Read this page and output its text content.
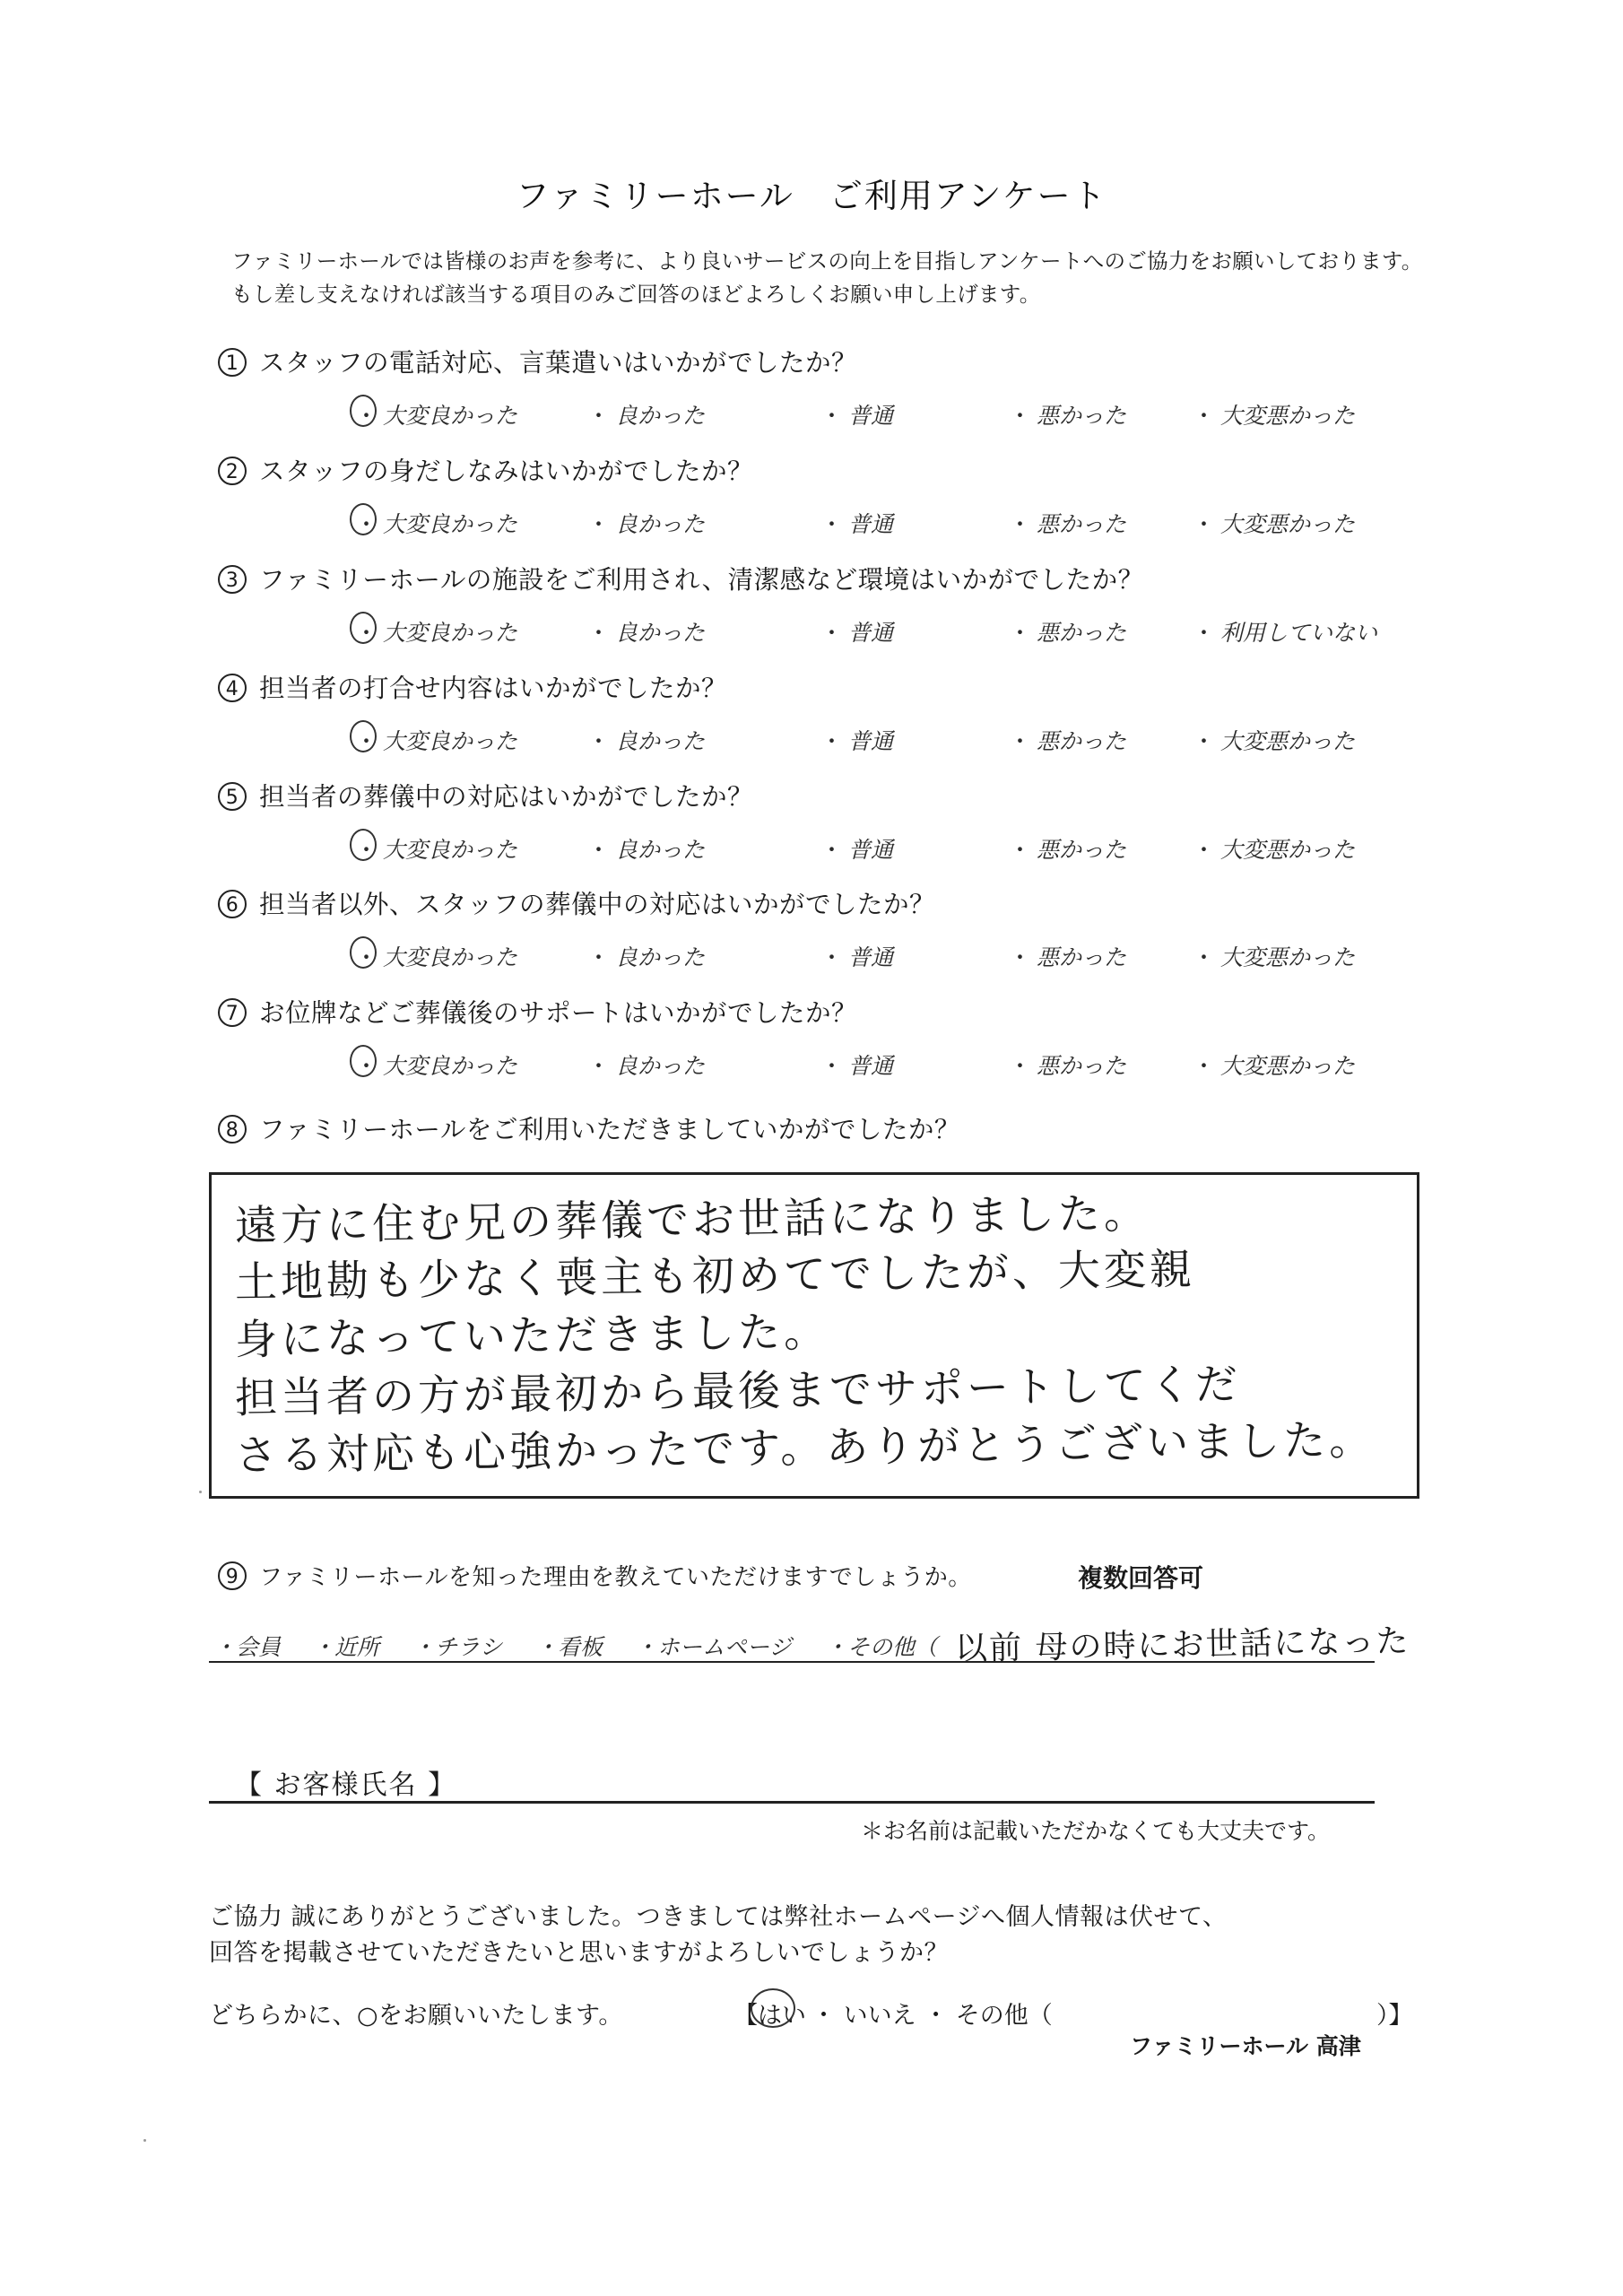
ファミリーホール　ご利用アンケート
ファミリーホールでは皆様のお声を参考に、より良いサービスの向上を目指しアンケートへのご協力をお願いしております。
もし差し支えなければ該当する項目のみご回答のほどよろしくお願い申し上げます。
1 スタッフの電話対応、言葉遣いはいかがでしたか？
・ 大変良かった	・ 良かった	・ 普通	・ 悪かった	・ 大変悪かった
2 スタッフの身だしなみはいかがでしたか？
・ 大変良かった	・ 良かった	・ 普通	・ 悪かった	・ 大変悪かった
3 ファミリーホールの施設をご利用され、清潔感など環境はいかがでしたか？
・ 大変良かった	・ 良かった	・ 普通	・ 悪かった	・ 利用していない
4 担当者の打合せ内容はいかがでしたか？
・ 大変良かった	・ 良かった	・ 普通	・ 悪かった	・ 大変悪かった
5 担当者の葬儀中の対応はいかがでしたか？
・ 大変良かった	・ 良かった	・ 普通	・ 悪かった	・ 大変悪かった
6 担当者以外、スタッフの葬儀中の対応はいかがでしたか？
・ 大変良かった	・ 良かった	・ 普通	・ 悪かった	・ 大変悪かった
7 お位牌などご葬儀後のサポートはいかがでしたか？
・ 大変良かった	・ 良かった	・ 普通	・ 悪かった	・ 大変悪かった
8 ファミリーホールをご利用いただきましていかがでしたか？
遠方に住む兄の葬儀でお世話になりました。
土地勘も少なく喪主も初めてでしたが、大変親
身になっていただきました。
担当者の方が最初から最後までサポートしてくだ
さる対応も心強かったです。ありがとうございました。
9 ファミリーホールを知った理由を教えていただけますでしょうか。	複数回答可
・会員 ・近所 ・チラシ ・看板 ・ホームページ ・その他（ 以前 母の時にお世話になった
【 お客様氏名 】
＊お名前は記載いただかなくても大丈夫です。
ご協力 誠にありがとうございました。つきましては弊社ホームページへ個人情報は伏せて、
回答を掲載させていただきたいと思いますがよろしいでしょうか？
どちらかに、○をお願いいたします。	【 はい ・ いいえ ・ その他（	）】
ファミリーホール 高津
